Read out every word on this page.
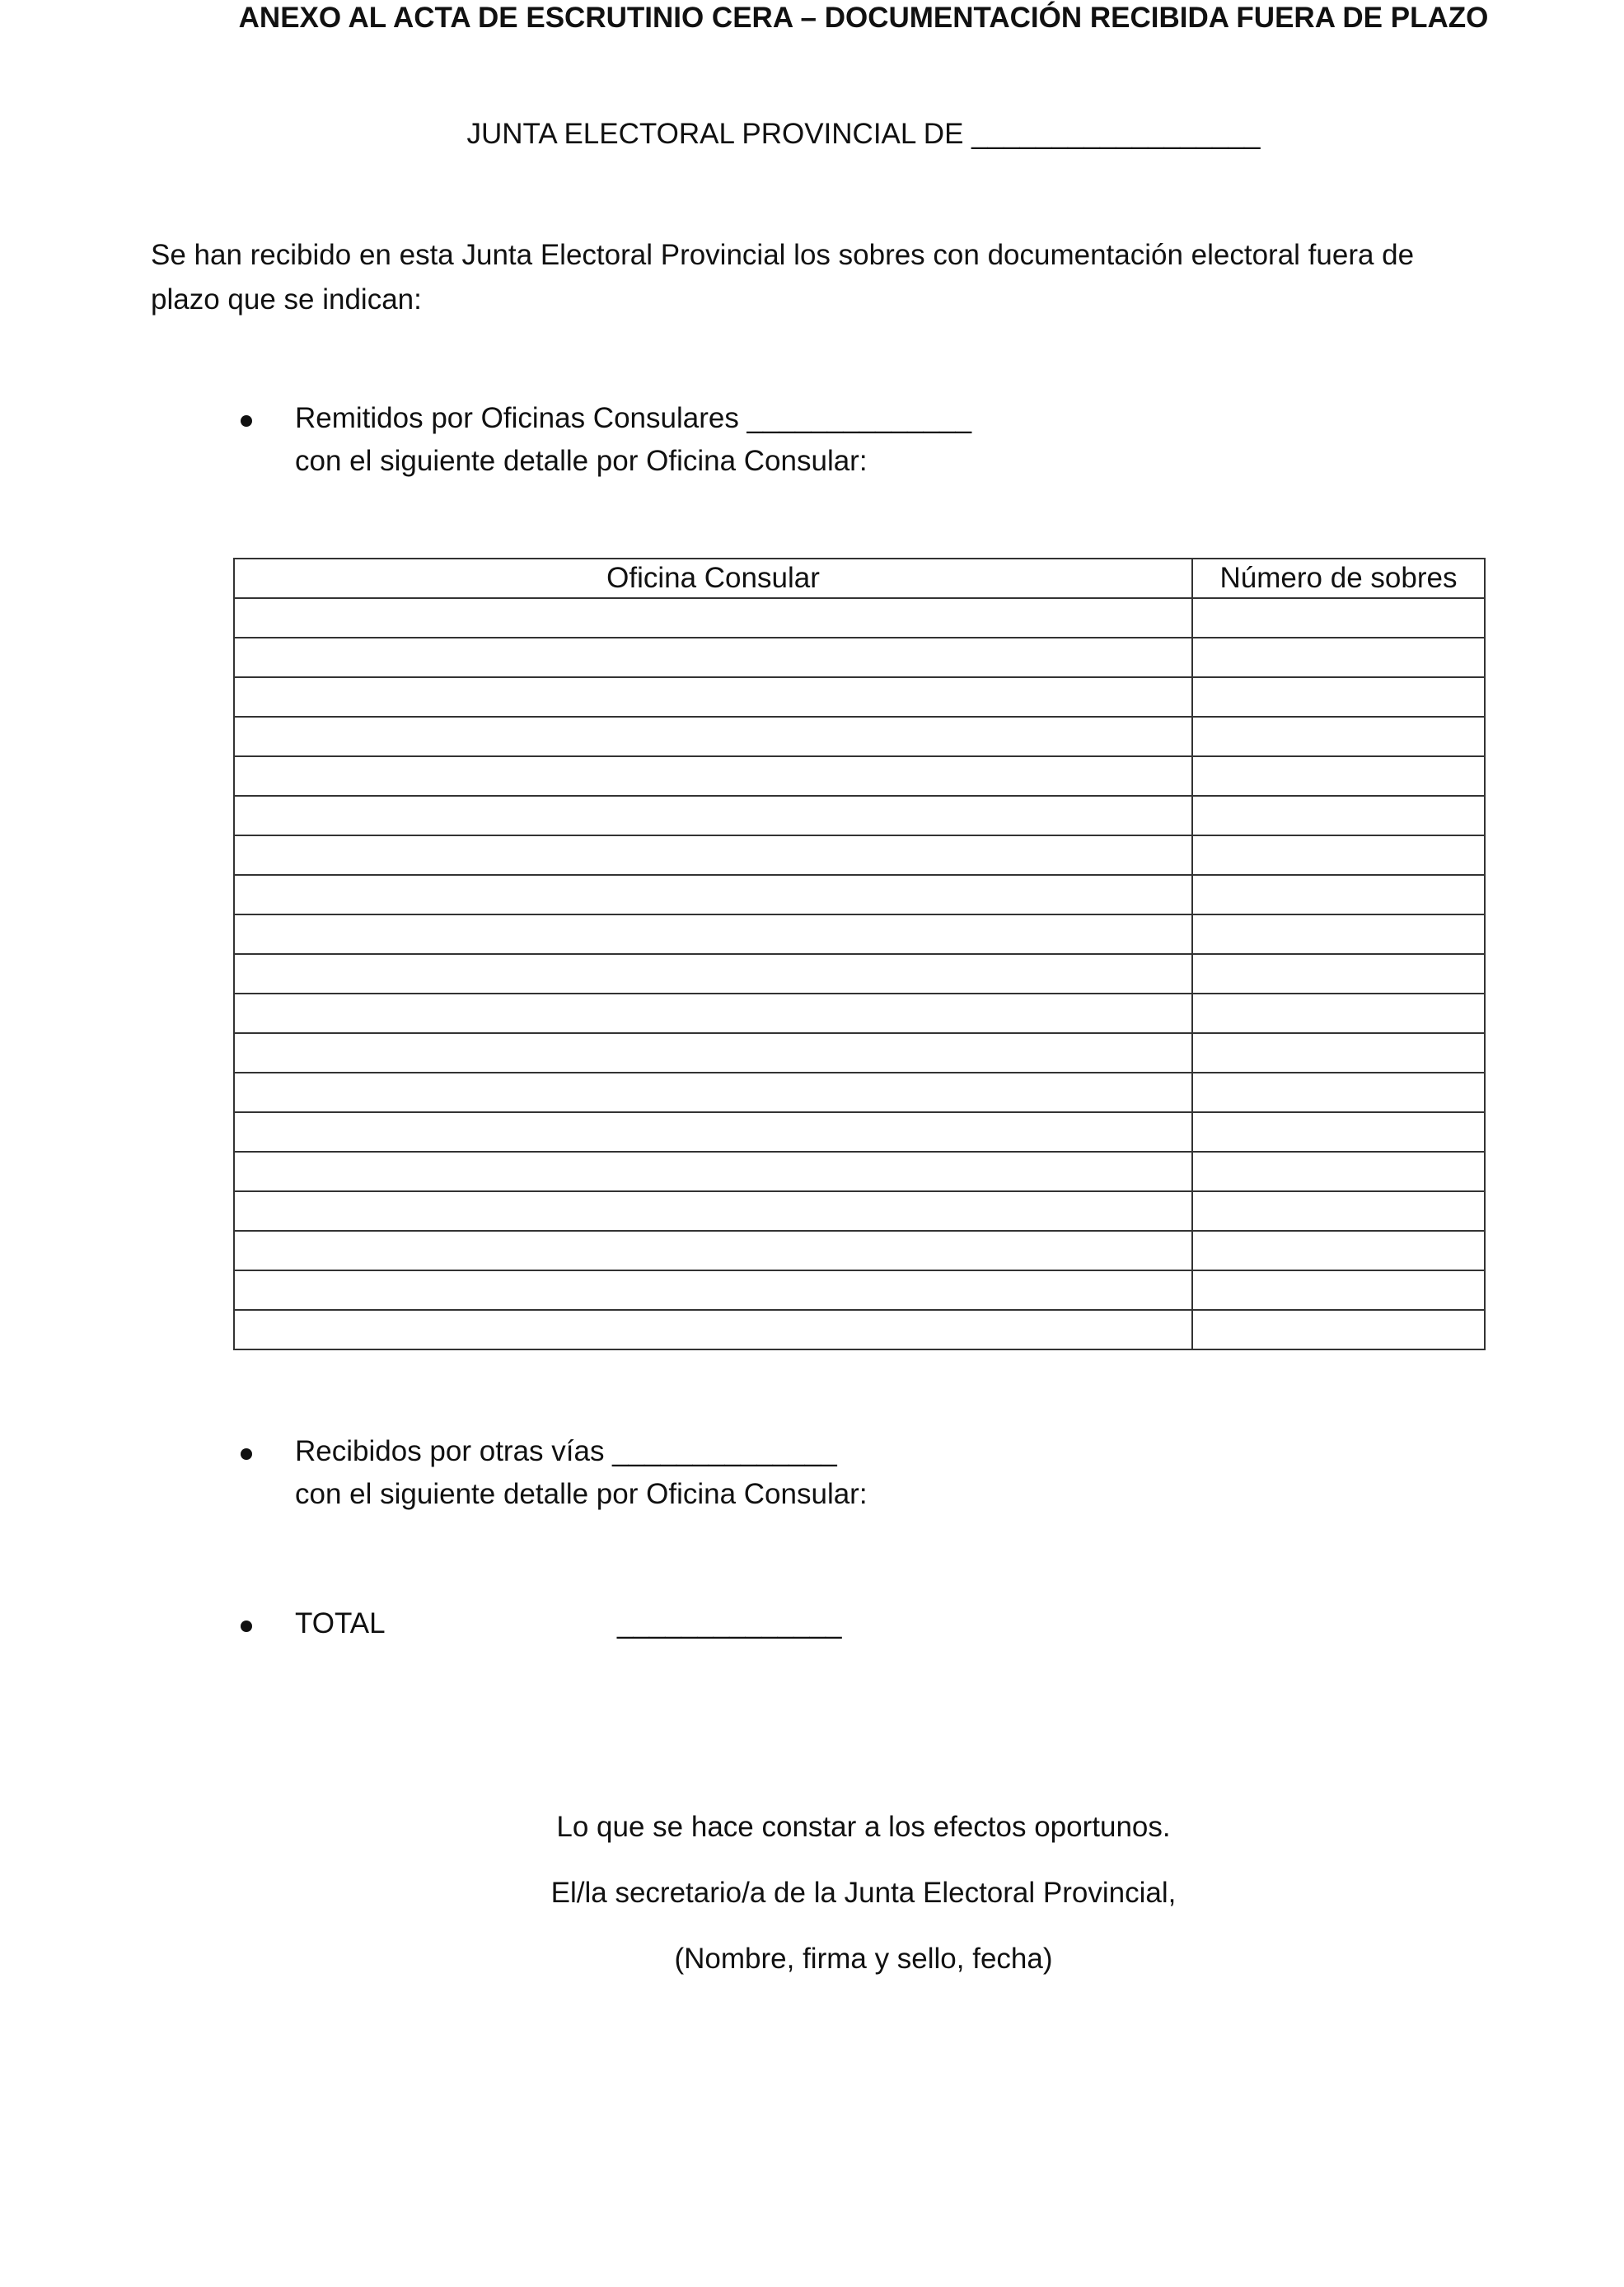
ANEXO AL ACTA DE ESCRUTINIO CERA – DOCUMENTACIÓN RECIBIDA FUERA DE PLAZO
JUNTA ELECTORAL PROVINCIAL DE __________________

Se han recibido en esta Junta Electoral Provincial los sobres con documentación electoral fuera de plazo que se indican:

Remitidos por Oficinas Consulares ______________
con el siguiente detalle por Oficina Consular:
Oficina Consular	Número de sobres

Recibidos por otras vías ______________
con el siguiente detalle por Oficina Consular:
TOTAL	______________
Lo que se hace constar a los efectos oportunos.
El/la secretario/a de la Junta Electoral Provincial,
(Nombre, firma y sello, fecha)
